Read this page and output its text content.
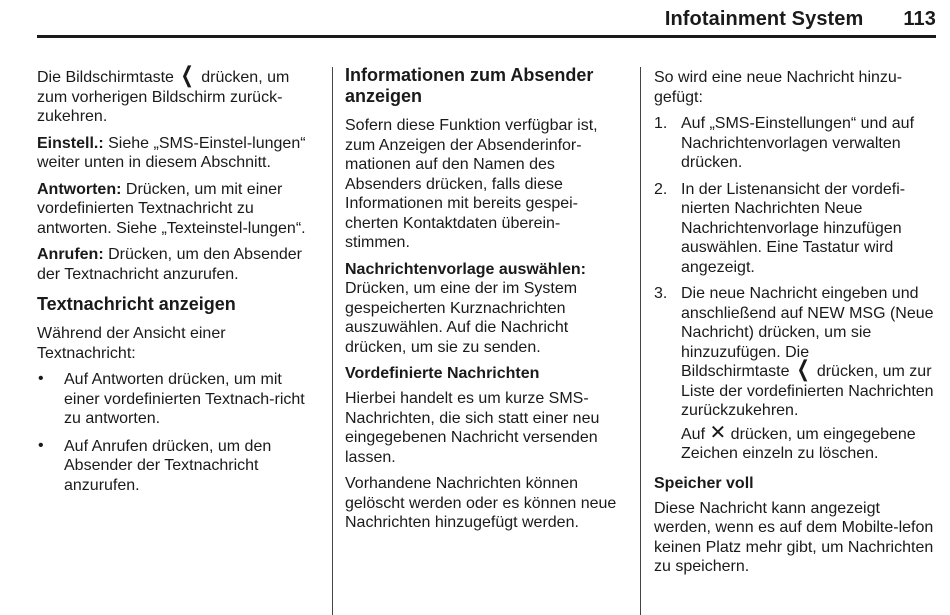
Infotainment System 113

Die Bildschirmtaste ❮ drücken, um zum vorherigen Bildschirm zurück-zukehren.

Einstell.: Siehe „SMS-Einstel-lungen“ weiter unten in diesem Abschnitt.

Antworten: Drücken, um mit einer vordefinierten Textnachricht zu antworten. Siehe „Texteinstel-lungen“.

Anrufen: Drücken, um den Absender der Textnachricht anzurufen.

Textnachricht anzeigen

Während der Ansicht einer Textnachricht:

• Auf Antworten drücken, um mit einer vordefinierten Textnach-richt zu antworten.
• Auf Anrufen drücken, um den Absender der Textnachricht anzurufen.
Informationen zum Absender anzeigen

Sofern diese Funktion verfügbar ist, zum Anzeigen der Absenderinfor-mationen auf den Namen des Absenders drücken, falls diese Informationen mit bereits gespei-cherten Kontaktdaten überein-stimmen.

Nachrichtenvorlage auswählen:
Drücken, um eine der im System gespeicherten Kurznachrichten auszuwählen. Auf die Nachricht drücken, um sie zu senden.

Vordefinierte Nachrichten

Hierbei handelt es um kurze SMS-Nachrichten, die sich statt einer neu eingegebenen Nachricht versenden lassen.

Vorhandene Nachrichten können gelöscht werden oder es können neue Nachrichten hinzugefügt werden.

So wird eine neue Nachricht hinzu-gefügt:

1. Auf „SMS-Einstellungen“ und auf Nachrichtenvorlagen verwalten drücken.
2. In der Listenansicht der vordefi-nierten Nachrichten Neue Nachrichtenvorlage hinzufügen auswählen. Eine Tastatur wird angezeigt.
3. Die neue Nachricht eingeben und anschließend auf NEW MSG (Neue Nachricht) drücken, um sie hinzuzufügen. Die
Bildschirmtaste ❮ drücken, um zur Liste der vordefinierten Nachrichten zurückzukehren.
Auf ✕ drücken, um eingegebene Zeichen einzeln zu löschen.
Speicher voll

Diese Nachricht kann angezeigt werden, wenn es auf dem Mobilte-lefon keinen Platz mehr gibt, um Nachrichten zu speichern.
